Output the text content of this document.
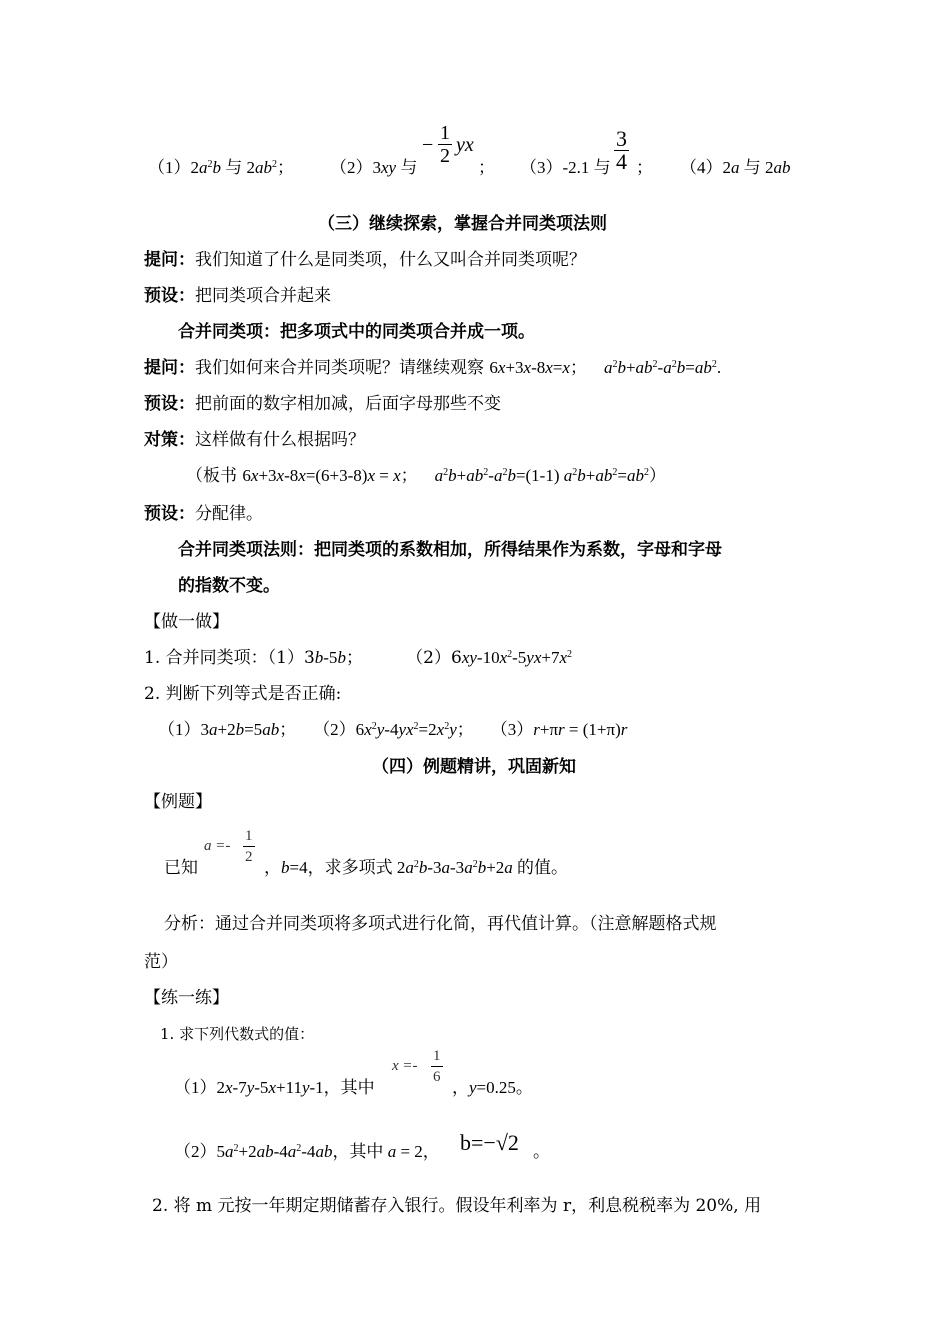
$(1)2a^2b$ 与 $2ab^2$； （2）3xy 与
− $\frac{1}{2}$ yx
； （3）-2.1 与 $\frac{3}{4}$ ； （4）2a 与 2ab
（三）继续探索，掌握合并同类项法则
提问：我们知道了什么是同类项，什么又叫合并同类项呢？
预设：把同类项合并起来
合并同类项：把多项式中的同类项合并成一项。
提问：我们如何来合并同类项呢？请继续观察 6x+3x-8x=x；    $a^2b+ab^2-a^2b=ab^2$.
预设：把前面的数字相加减，后面字母那些不变
对策：这样做有什么根据吗？
（板书 6x+3x-8x=(6+3-8)x = x；    $a^2b+ab^2-a^2b=(1-1)$ $a^2b+ab^2=ab^2$）
预设：分配律。
合并同类项法则：把同类项的系数相加，所得结果作为系数，字母和字母
的指数不变。
【做一做】
1. 合并同类项：（1）3b-5b；	$(2)6xy-10x^2-5yx+7x^2$
2. 判断下列等式是否正确:
（1）3a+2b=5ab；    $(2)6x^2y-4yx^2=2x^2y$；    （3）r+πr = (1+π)r
（四）例题精讲，巩固新知
【例题】
已知
$a =- \frac{1}{2}$
，b=4，求多项式 $2a^2b-3a-3a^2b+2a$ 的值。
分析：通过合并同类项将多项式进行化简，再代值计算。（注意解题格式规
范）
【练一练】
1. 求下列代数式的值：
（1）2x-7y-5x+11y-1，其中
$x =- \frac{1}{6}$
，y=0.25。
$(2)5a^2+2ab-4a^2-4ab$，其中 a = 2， b=−√2 。
2. 将 m 元按一年期定期储蓄存入银行。假设年利率为 r，利息税税率为 20%, 用
